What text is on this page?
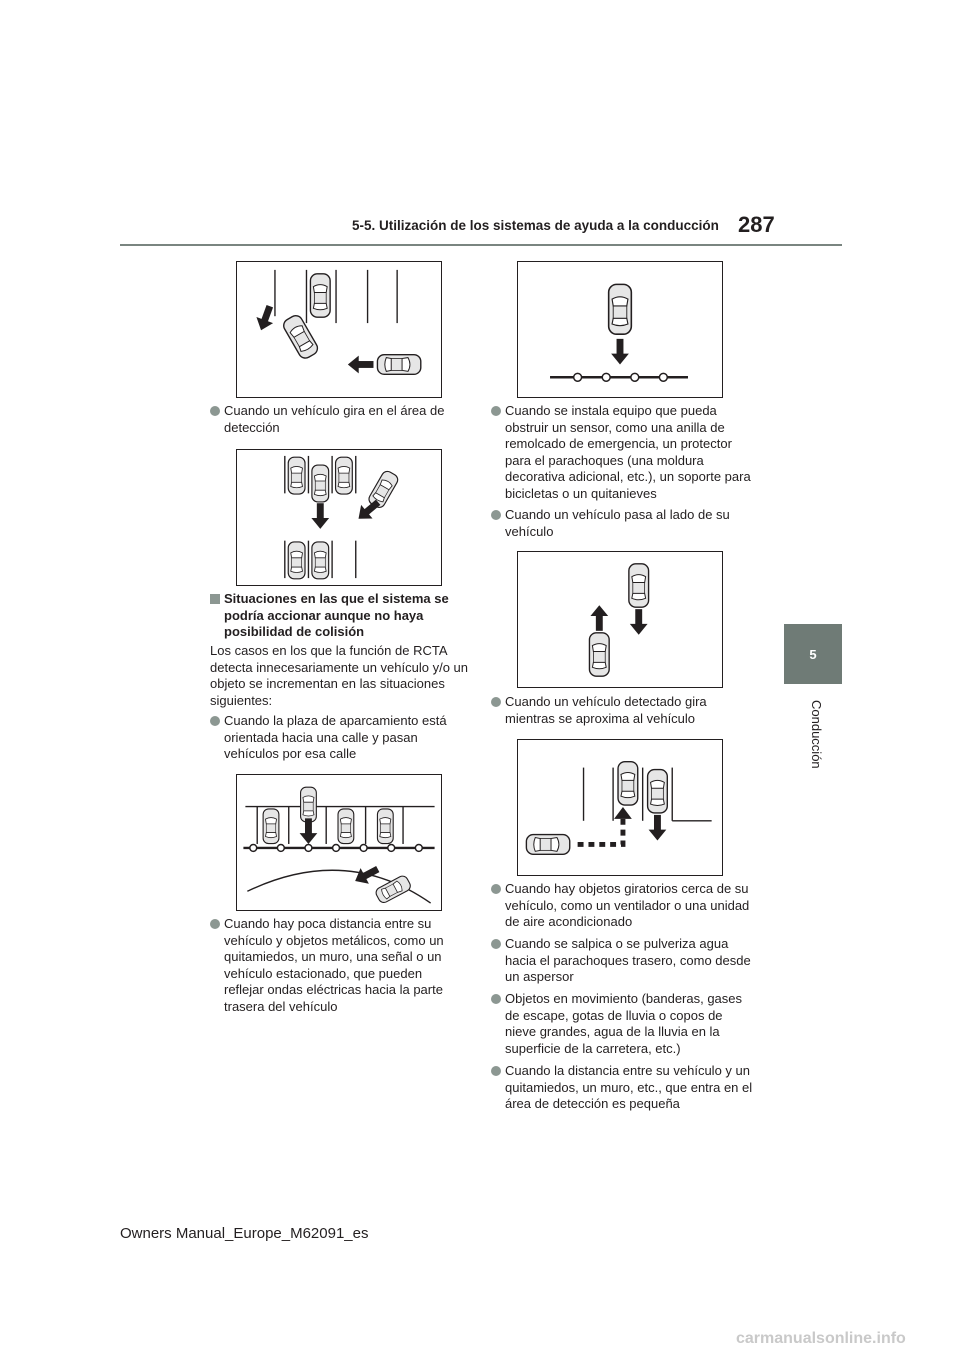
5-5. Utilización de los sistemas de ayuda a la conducción 287
5
Conducción
Cuando un vehículo gira en el área de detección
Situaciones en las que el sistema se podría accionar aunque no haya posibilidad de colisión
Los casos en los que la función de RCTA detecta innecesariamente un vehículo y/o un objeto se incrementan en las situaciones siguientes:
Cuando la plaza de aparcamiento está orientada hacia una calle y pasan vehículos por esa calle
Cuando hay poca distancia entre su vehículo y objetos metálicos, como un quitamiedos, un muro, una señal o un vehículo estacionado, que pueden reflejar ondas eléctricas hacia la parte trasera del vehículo
Cuando se instala equipo que pueda obstruir un sensor, como una anilla de remolcado de emergencia, un protector para el parachoques (una moldura decorativa adicional, etc.), un soporte para bicicletas o un quitanieves
Cuando un vehículo pasa al lado de su vehículo
Cuando un vehículo detectado gira mientras se aproxima al vehículo
Cuando hay objetos giratorios cerca de su vehículo, como un ventilador o una unidad de aire acondicionado
Cuando se salpica o se pulveriza agua hacia el parachoques trasero, como desde un aspersor
Objetos en movimiento (banderas, gases de escape, gotas de lluvia o copos de nieve grandes, agua de la lluvia en la superficie de la carretera, etc.)
Cuando la distancia entre su vehículo y un quitamiedos, un muro, etc., que entra en el área de detección es pequeña
Owners Manual_Europe_M62091_es
carmanualsonline.info
